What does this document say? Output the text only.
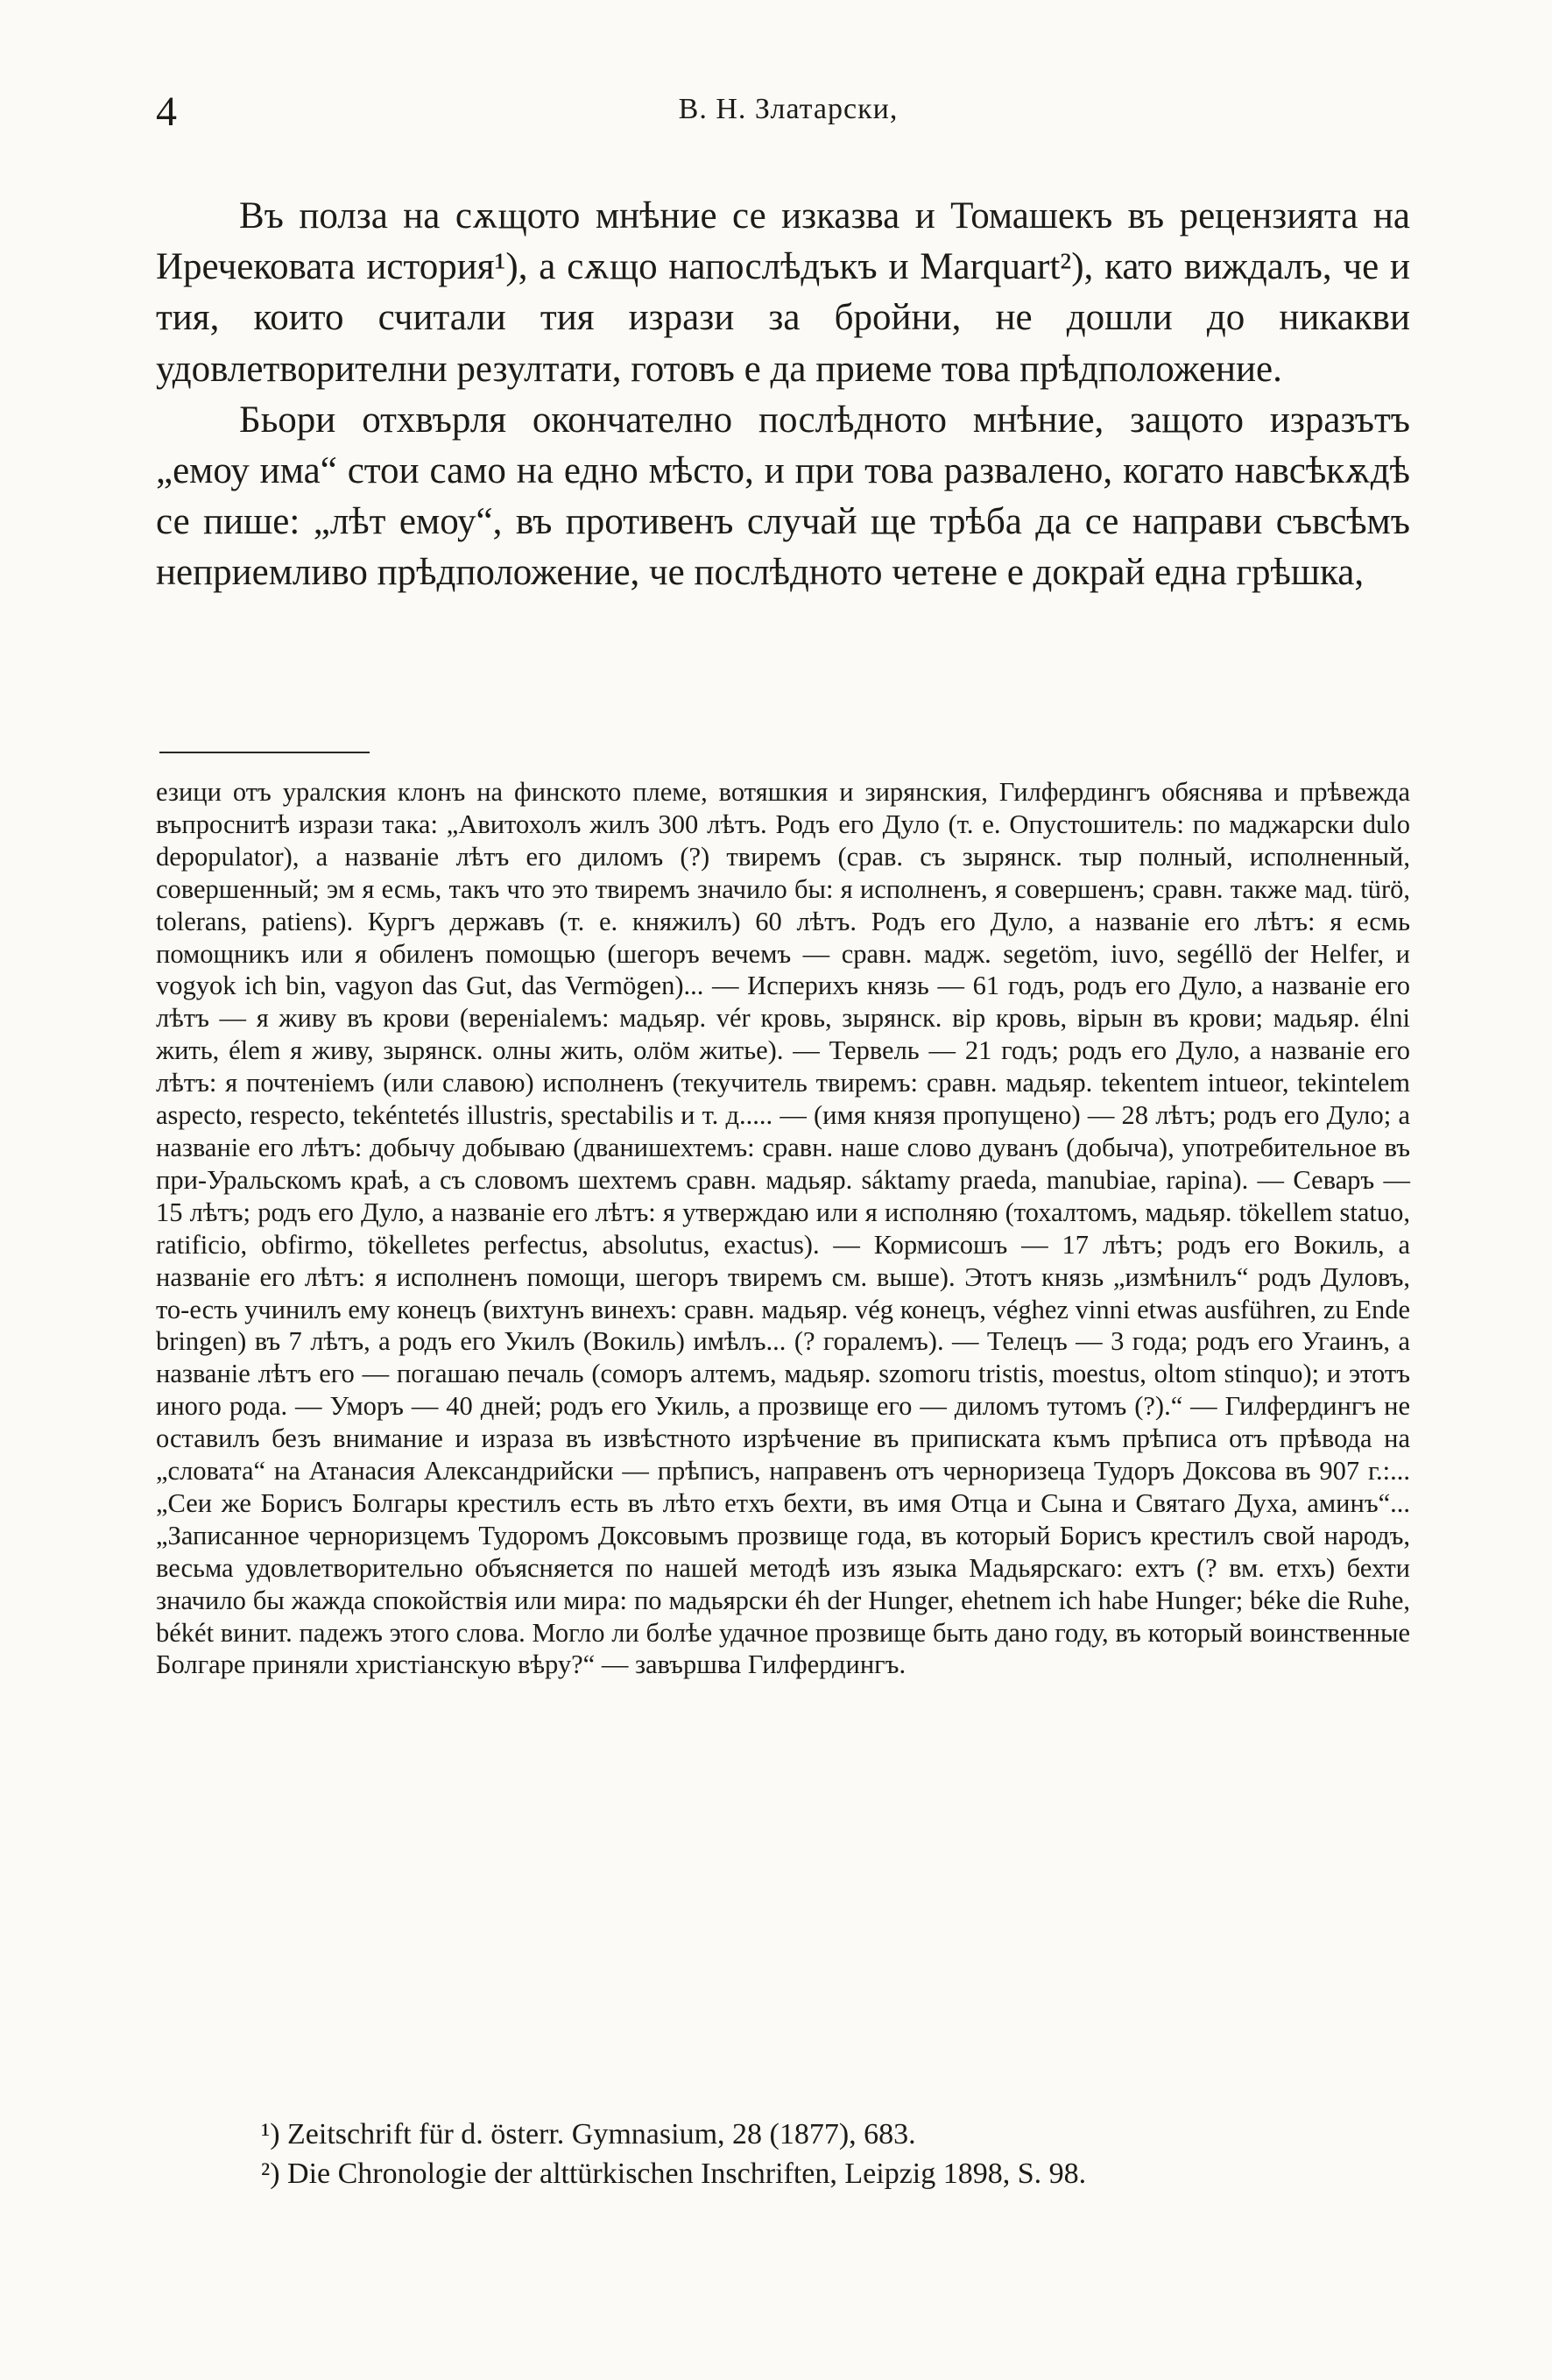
4	В. Н. Златарски,

Въ полза на сѫщото мнѣние се изказва и Томашекъ въ рецензията на Иречековата история¹), а сѫщо напослѣдъкъ и Marquart²), като виждалъ, че и тия, които считали тия изрази за бройни, не дошли до никакви удовлетворителни резултати, готовъ е да приеме това прѣдположение.

Бьори отхвърля окончателно послѣдното мнѣние, защото изразътъ „емоу има“ стои само на едно мѣсто, и при това развалено, когато навсѣкѫдѣ се пише: „лѣт емоу“, въ противенъ случай ще трѣба да се направи съвсѣмъ неприемливо прѣдположение, че послѣдното четене е докрай една грѣшка,

езици отъ уралския клонъ на финското племе, вотяшкия и зирянския, Гилфердингъ обяснява и прѣвежда въпроснитѣ изрази така: „Авитохолъ жилъ 300 лѣтъ. Родъ его Дуло (т. е. Опустошитель: по маджарски dulo depopulator), а названіе лѣтъ его диломъ (?) твиремъ (срав. съ зырянск. тыр полный, исполненный, совершенный; эм я есмь, такъ что это твиремъ значило бы: я исполненъ, я совершенъ; сравн. также мад. türö, tolerans, patiens). Кургъ державъ (т. е. княжилъ) 60 лѣтъ. Родъ его Дуло, а названіе его лѣтъ: я есмь помощникъ или я обиленъ помощью (шегоръ вечемъ — сравн. мадж. segetöm, iuvo, segéllö der Helfer, и vogyok ich bin, vagyon das Gut, das Vermögen)... — Исперихъ князь — 61 годъ, родъ его Дуло, а названіе его лѣтъ — я живу въ крови (веренialемъ: мадьяр. vér кровь, зырянск. вір кровь, вірын въ крови; мадьяр. élni жить, élem я живу, зырянск. олны жить, олöм житье). — Тервель — 21 годъ; родъ его Дуло, а названіе его лѣтъ: я почтеніемъ (или славою) исполненъ (текучитель твиремъ: сравн. мадьяр. tekentem intueor, tekintelem aspecto, respecto, tekéntetés illustris, spectabilis и т. д..... — (имя князя пропущено) — 28 лѣтъ; родъ его Дуло; а названіе его лѣтъ: добычу добываю (дванишехтемъ: сравн. наше слово дуванъ (добыча), употребительное въ при-Уральскомъ краѣ, а съ словомъ шехтемъ сравн. мадьяр. sáktamy praeda, manubiae, rapina). — Севаръ — 15 лѣтъ; родъ его Дуло, а названіе его лѣтъ: я утверждаю или я исполняю (тохалтомъ, мадьяр. tökellem statuo, ratificio, obfirmo, tökelletes perfectus, absolutus, exactus). — Кормисошъ — 17 лѣтъ; родъ его Вокиль, а названіе его лѣтъ: я исполненъ помощи, шегоръ твиремъ см. выше). Этотъ князь „измѣнилъ“ родъ Дуловъ, то-есть учинилъ ему конецъ (вихтунъ винехъ: сравн. мадьяр. vég конецъ, véghez vinni etwas ausführen, zu Ende bringen) въ 7 лѣтъ, а родъ его Укилъ (Вокиль) имѣлъ... (? горалемъ). — Телецъ — 3 года; родъ его Угаинъ, а названіе лѣтъ его — погашаю печаль (соморъ алтемъ, мадьяр. szomoru tristis, moestus, oltom stinquo); и этотъ иного рода. — Уморъ — 40 дней; родъ его Укиль, а прозвище его — диломъ тутомъ (?).“ — Гилфердингъ не оставилъ безъ внимание и израза въ извѣстното изрѣчение въ приписката къмъ прѣписа отъ прѣвода на „словата“ на Атанасия Александрийски — прѣписъ, направенъ отъ черноризеца Тудоръ Доксова въ 907 г.:... „Сеи же Борисъ Болгары крестилъ есть въ лѣто етхъ бехти, въ имя Отца и Сына и Святаго Духа, аминъ“... „Записанное черноризцемъ Тудоромъ Доксовымъ прозвище года, въ который Борисъ крестилъ свой народъ, весьма удовлетворительно объясняется по нашей методѣ изъ языка Мадьярскаго: ехтъ (? вм. етхъ) бехти значило бы жажда спокойствія или мира: по мадьярски éh der Hunger, ehetnem ich habe Hunger; béke die Ruhe, békét винит. падежъ этого слова. Могло ли болѣе удачное прозвище быть дано году, въ который воинственные Болгаре приняли христіанскую вѣру?“ — завършва Гилфердингъ.

¹) Zeitschrift für d. österr. Gymnasium, 28 (1877), 683.

²) Die Chronologie der alttürkischen Inschriften, Leipzig 1898, S. 98.
